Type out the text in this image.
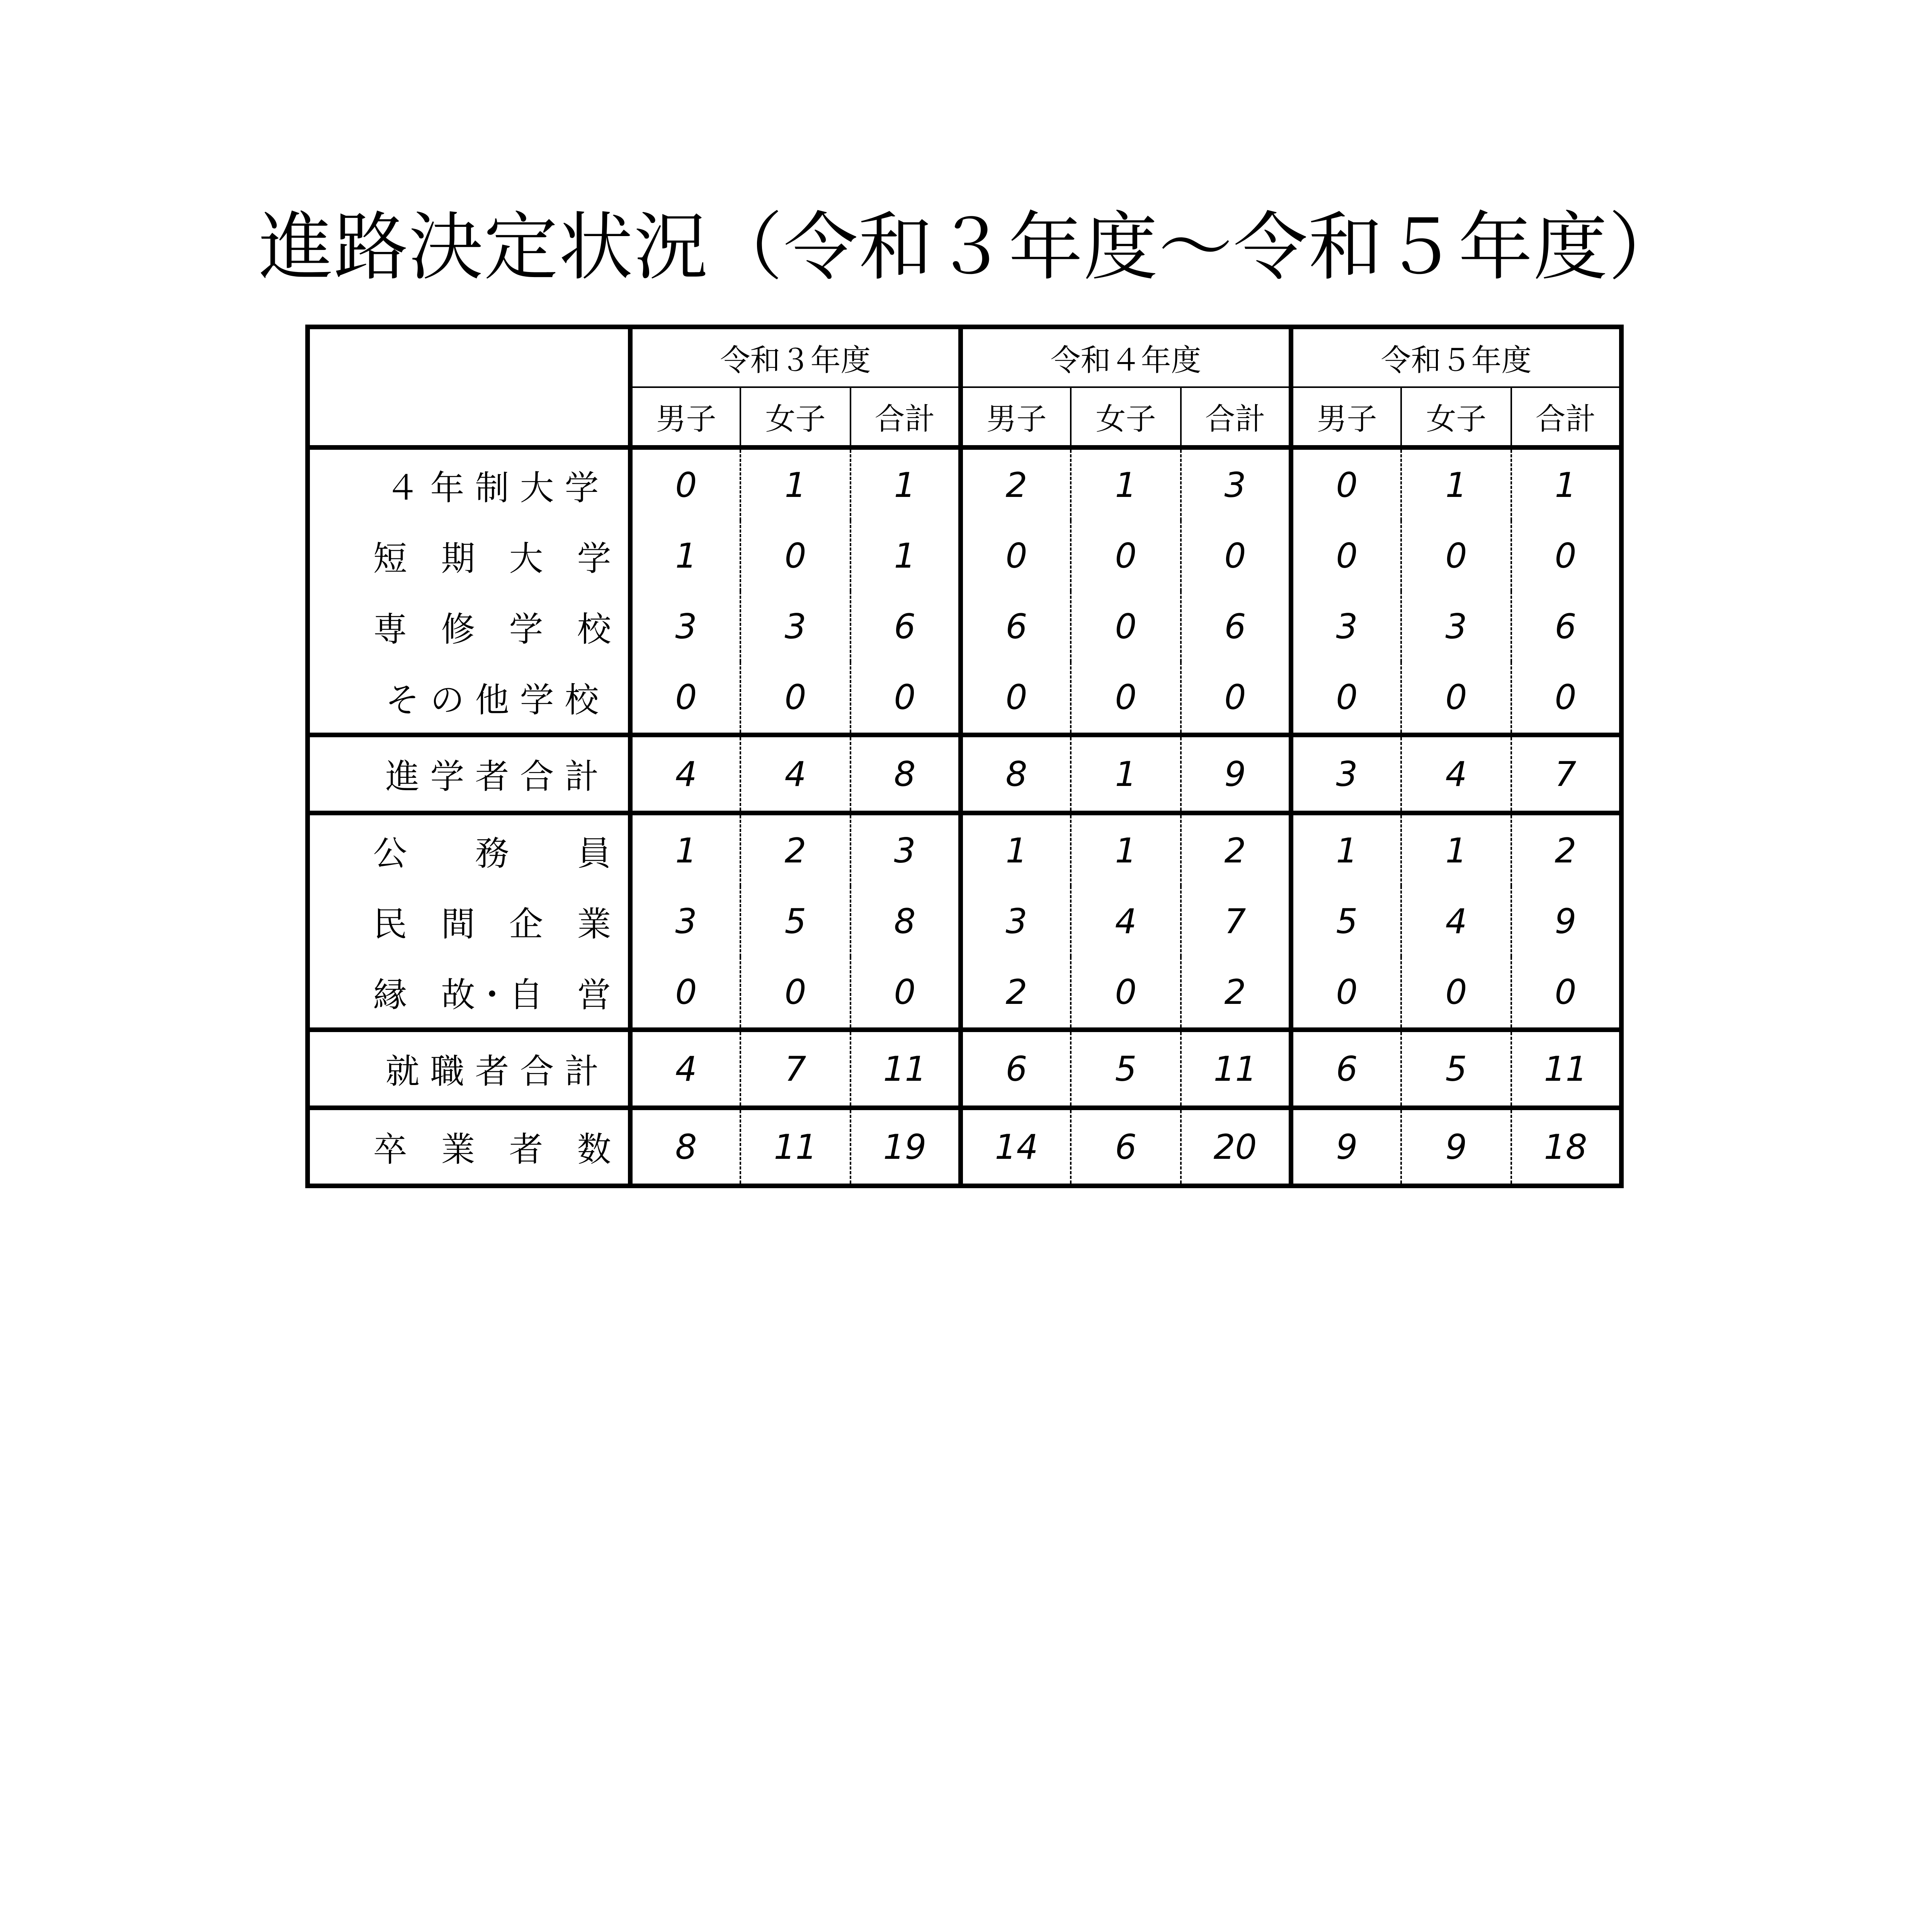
進路決定状況（令和３年度～令和５年度）
	令和３年度			令和４年度			令和５年度		
	男子	女子	合計	男子	女子	合計	男子	女子	合計
４ 年 制 大 学	0	1	1	2	1	3	0	1	1
短　期　大　学	1	0	1	0	0	0	0	0	0
専　修　学　校	3	3	6	6	0	6	3	3	6
そ の 他 学 校	0	0	0	0	0	0	0	0	0
進 学 者 合 計	4	4	8	8	1	9	3	4	7
公　　務　　員	1	2	3	1	1	2	1	1	2
民　間　企　業	3	5	8	3	4	7	5	4	9
縁　故・自　営	0	0	0	2	0	2	0	0	0
就 職 者 合 計	4	7	11	6	5	11	6	5	11
卒　業　者　数	8	11	19	14	6	20	9	9	18
